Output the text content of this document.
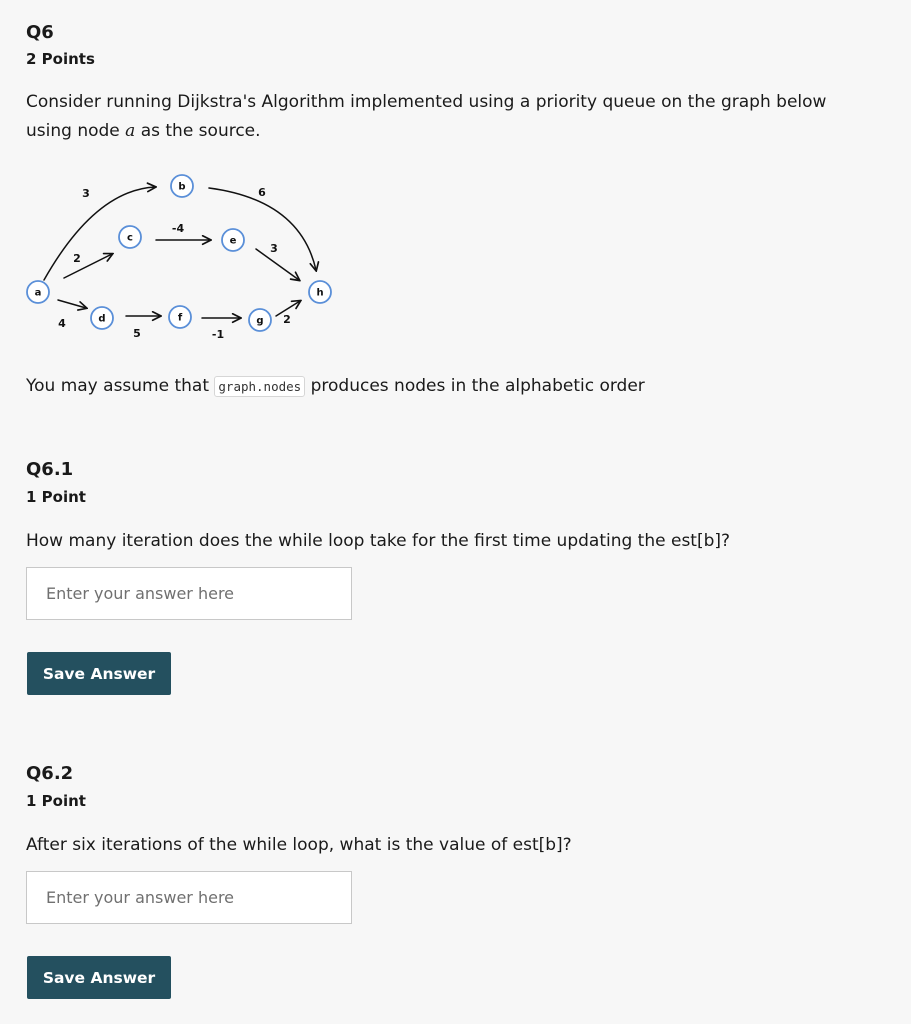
Q6
2 Points

Consider running Dijkstra's Algorithm implemented using a priority queue on the graph below using node a as the source.

a
b
c
d
e
f	g
h
3
2
4
-4
6
3
5	-1
2

You may assume that graph.nodes produces nodes in the alphabetic order

Q6.1
1 Point

How many iteration does the while loop take for the first time updating the est[b]?

Enter your answer here
Save Answer
Q6.2
1 Point

After six iterations of the while loop, what is the value of est[b]?

Enter your answer here
Save Answer
